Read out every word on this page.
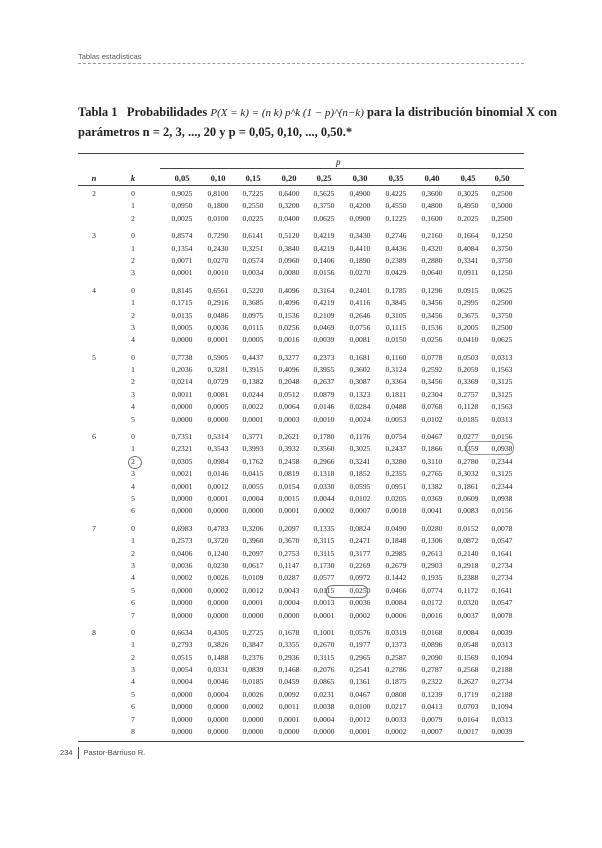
Tablas estadísticas
Tabla 1 Probabilidades P(X = k) = (n k) p^k (1 − p)^(n−k) para la distribución binomial X con
parámetros n = 2, 3, ..., 20 y p = 0,05, 0,10, ..., 0,50.*
p
n	k	0,05	0,10	0,15	0,20	0,25	0,30	0,35	0,40	0,45	0,50
2	0	0,9025	0,8100	0,7225	0,6400	0,5625	0,4900	0,4225	0,3600	0,3025	0,2500
1	0,0950	0,1800	0,2550	0,3200	0,3750	0,4200	0,4550	0,4800	0,4950	0,5000
2	0,0025	0,0100	0,0225	0,0400	0,0625	0,0900	0,1225	0,1600	0,2025	0,2500
3	0	0,8574	0,7290	0,6141	0,5120	0,4219	0,3430	0,2746	0,2160	0,1664	0,1250
1	0,1354	0,2430	0,3251	0,3840	0,4219	0,4410	0,4436	0,4320	0,4084	0,3750
2	0,0071	0,0270	0,0574	0,0960	0,1406	0,1890	0,2389	0,2880	0,3341	0,3750
3	0,0001	0,0010	0,0034	0,0080	0,0156	0,0270	0,0429	0,0640	0,0911	0,1250
4	0	0,8145	0,6561	0,5220	0,4096	0,3164	0,2401	0,1785	0,1296	0,0915	0,0625
1	0,1715	0,2916	0,3685	0,4096	0,4219	0,4116	0,3845	0,3456	0,2995	0,2500
2	0,0135	0,0486	0,0975	0,1536	0,2109	0,2646	0,3105	0,3456	0,3675	0,3750
3	0,0005	0,0036	0,0115	0,0256	0,0469	0,0756	0,1115	0,1536	0,2005	0,2500
4	0,0000	0,0001	0,0005	0,0016	0,0039	0,0081	0,0150	0,0256	0,0410	0,0625
5	0	0,7738	0,5905	0,4437	0,3277	0,2373	0,1681	0,1160	0,0778	0,0503	0,0313
1	0,2036	0,3281	0,3915	0,4096	0,3955	0,3602	0,3124	0,2592	0,2059	0,1563
2	0,0214	0,0729	0,1382	0,2048	0,2637	0,3087	0,3364	0,3456	0,3369	0,3125
3	0,0011	0,0081	0,0244	0,0512	0,0879	0,1323	0,1811	0,2304	0,2757	0,3125
4	0,0000	0,0005	0,0022	0,0064	0,0146	0,0284	0,0488	0,0768	0,1128	0,1563
5	0,0000	0,0000	0,0001	0,0003	0,0010	0,0024	0,0053	0,0102	0,0185	0,0313
6	0	0,7351	0,5314	0,3771	0,2621	0,1780	0,1176	0,0754	0,0467	0,0277	0,0156
1	0,2321	0,3543	0,3993	0,3932	0,3560	0,3025	0,2437	0,1866	0,1359	0,0938
2	0,0305	0,0984	0,1762	0,2458	0,2966	0,3241	0,3280	0,3110	0,2780	0,2344
3	0,0021	0,0146	0,0415	0,0819	0,1318	0,1852	0,2355	0,2765	0,3032	0,3125
4	0,0001	0,0012	0,0055	0,0154	0,0330	0,0595	0,0951	0,1382	0,1861	0,2344
5	0,0000	0,0001	0,0004	0,0015	0,0044	0,0102	0,0205	0,0369	0,0609	0,0938
6	0,0000	0,0000	0,0000	0,0001	0,0002	0,0007	0,0018	0,0041	0,0083	0,0156
7	0	0,6983	0,4783	0,3206	0,2097	0,1335	0,0824	0,0490	0,0280	0,0152	0,0078
1	0,2573	0,3720	0,3960	0,3670	0,3115	0,2471	0,1848	0,1306	0,0872	0,0547
2	0,0406	0,1240	0,2097	0,2753	0,3115	0,3177	0,2985	0,2613	0,2140	0,1641
3	0,0036	0,0230	0,0617	0,1147	0,1730	0,2269	0,2679	0,2903	0,2918	0,2734
4	0,0002	0,0026	0,0109	0,0287	0,0577	0,0972	0,1442	0,1935	0,2388	0,2734
5	0,0000	0,0002	0,0012	0,0043	0,0115	0,0250	0,0466	0,0774	0,1172	0,1641
6	0,0000	0,0000	0,0001	0,0004	0,0013	0,0036	0,0084	0,0172	0,0320	0,0547
7	0,0000	0,0000	0,0000	0,0000	0,0001	0,0002	0,0006	0,0016	0,0037	0,0078
8	0	0,6634	0,4305	0,2725	0,1678	0,1001	0,0576	0,0319	0,0168	0,0084	0,0039
1	0,2793	0,3826	0,3847	0,3355	0,2670	0,1977	0,1373	0,0896	0,0548	0,0313
2	0,0515	0,1488	0,2376	0,2936	0,3115	0,2965	0,2587	0,2090	0,1569	0,1094
3	0,0054	0,0331	0,0839	0,1468	0,2076	0,2541	0,2786	0,2787	0,2568	0,2188
4	0,0004	0,0046	0,0185	0,0459	0,0865	0,1361	0,1875	0,2322	0,2627	0,2734
5	0,0000	0,0004	0,0026	0,0092	0,0231	0,0467	0,0808	0,1239	0,1719	0,2188
6	0,0000	0,0000	0,0002	0,0011	0,0038	0,0100	0,0217	0,0413	0,0703	0,1094
7	0,0000	0,0000	0,0000	0,0001	0,0004	0,0012	0,0033	0,0079	0,0164	0,0313
8	0,0000	0,0000	0,0000	0,0000	0,0000	0,0001	0,0002	0,0007	0,0017	0,0039
234 Pastor-Barriuso R.
